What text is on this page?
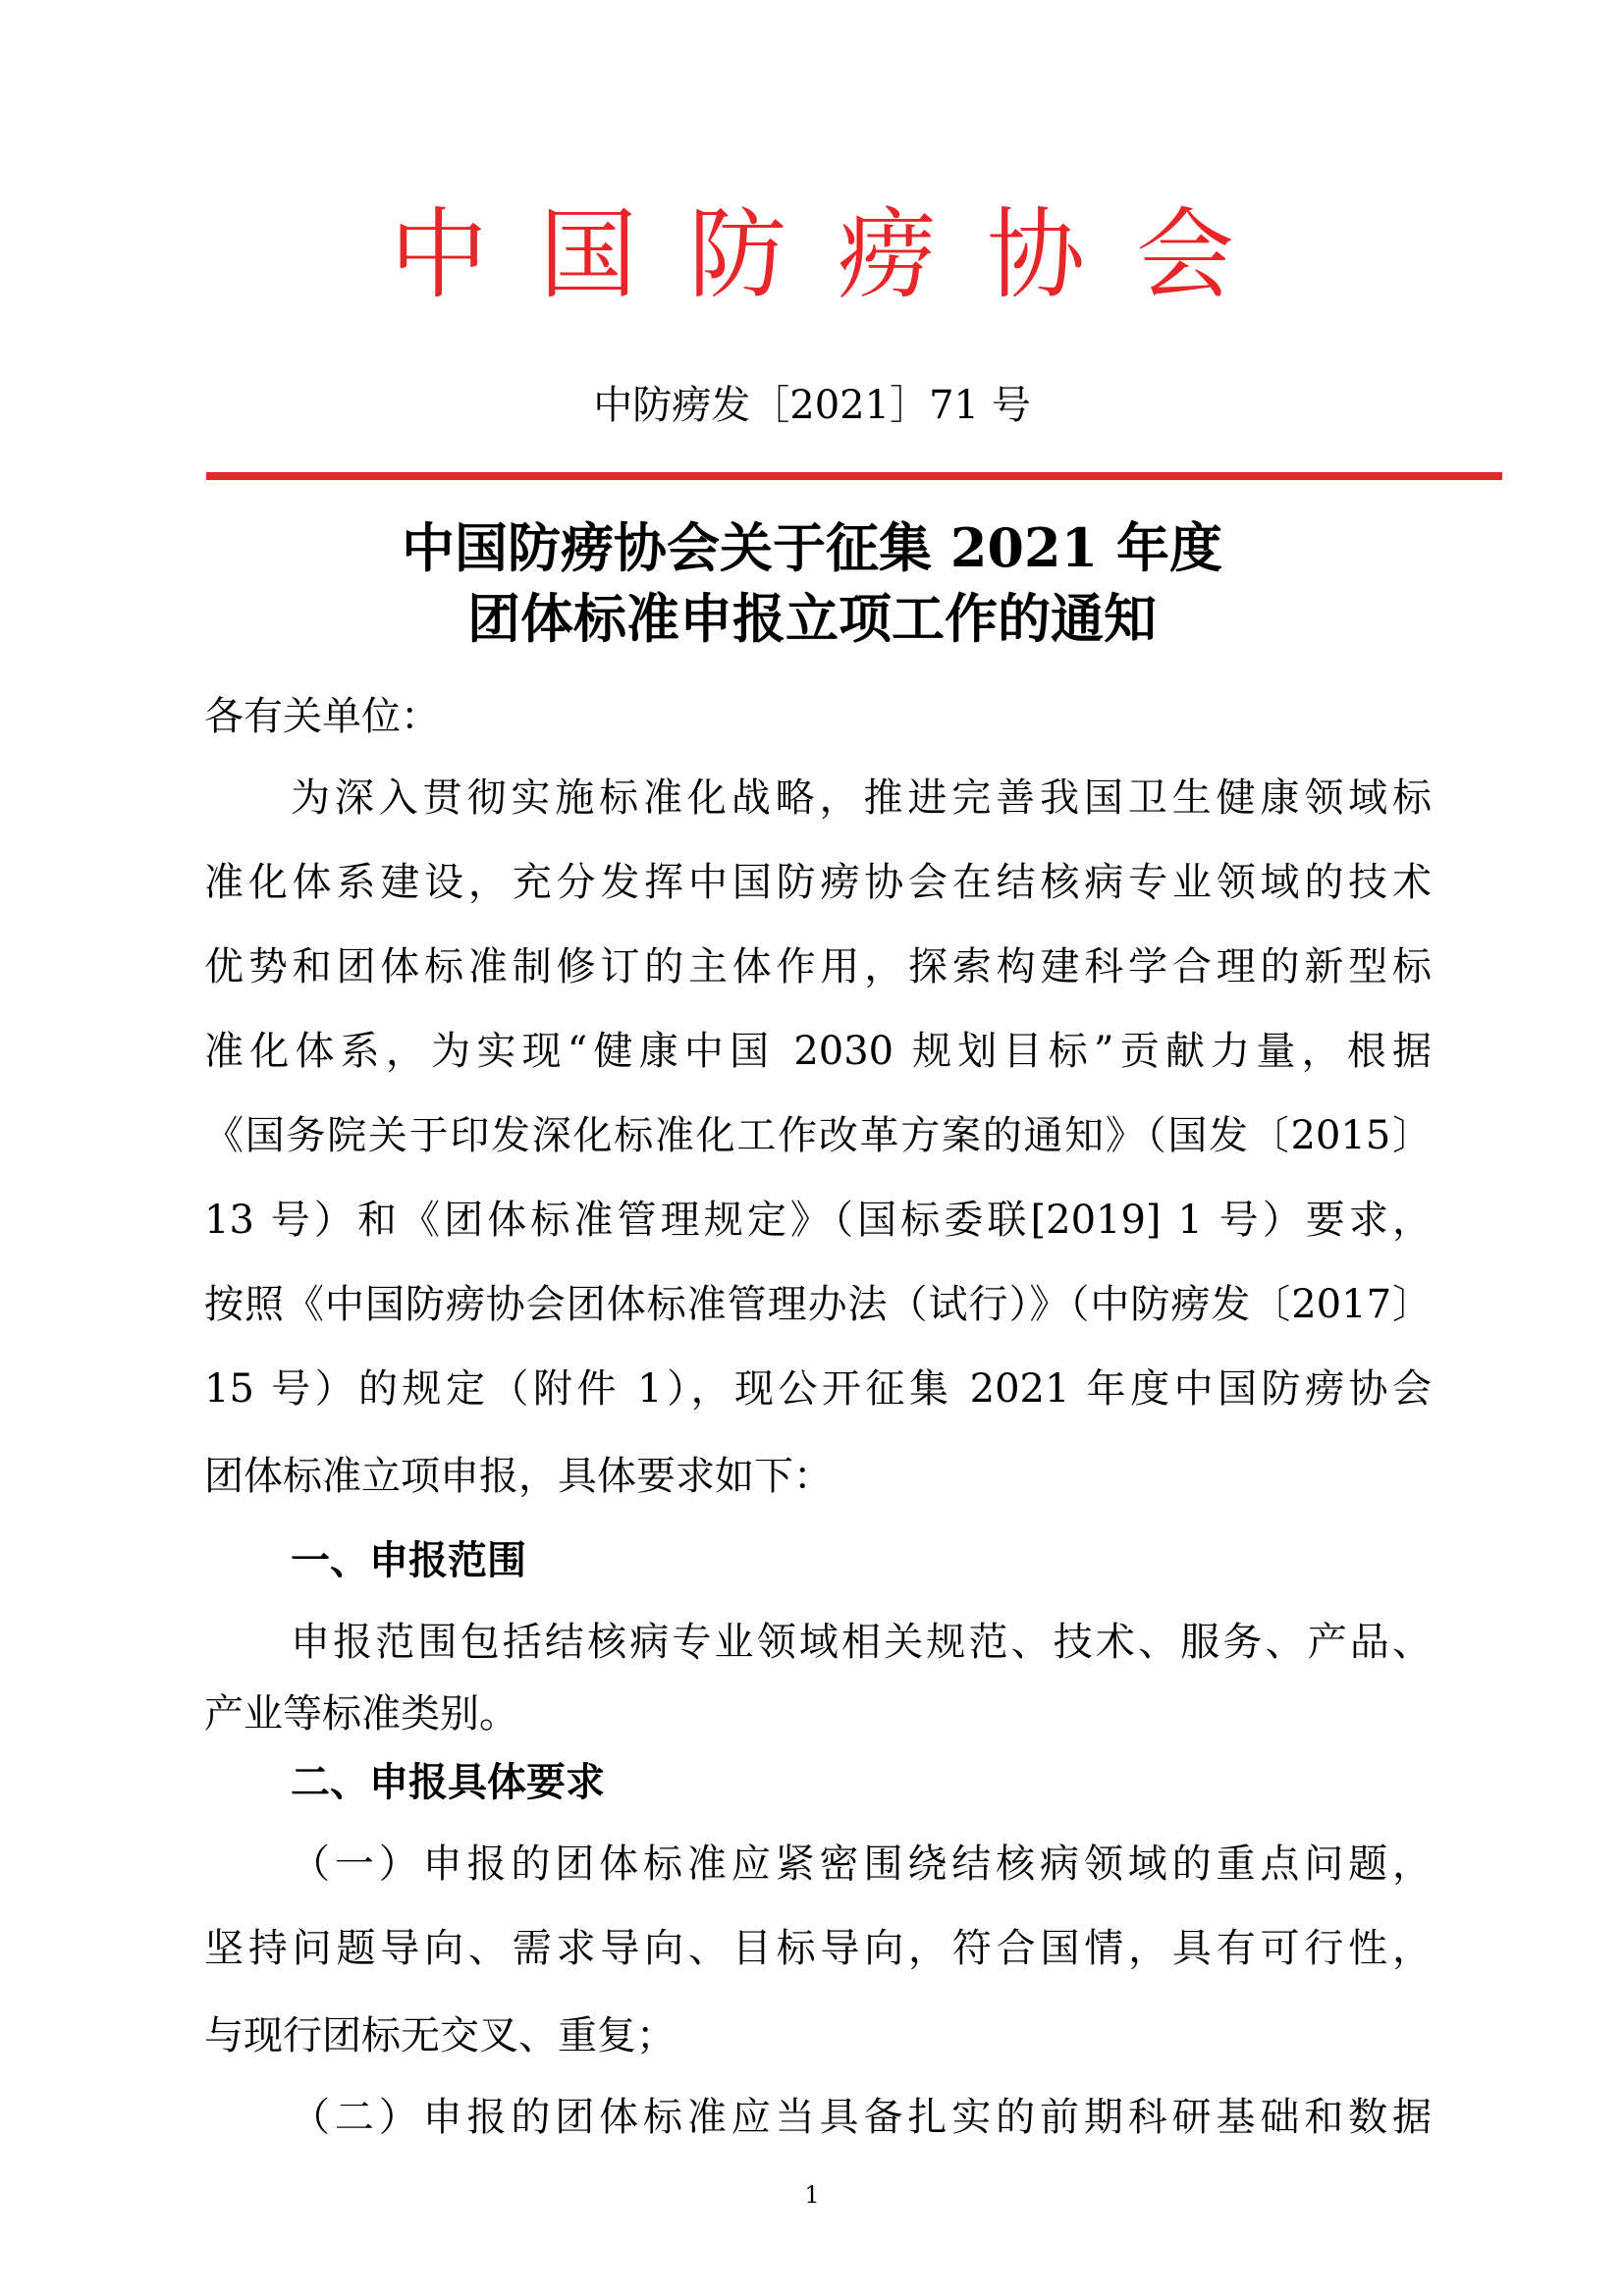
中国防痨协会
中防痨发［2021］71 号
中国防痨协会关于征集 2021 年度
团体标准申报立项工作的通知
各有关单位：
为深入贯彻实施标准化战略，推进完善我国卫生健康领域标
准化体系建设，充分发挥中国防痨协会在结核病专业领域的技术
优势和团体标准制修订的主体作用，探索构建科学合理的新型标
准化体系，为实现“健康中国 2030 规划目标”贡献力量，根据
《国务院关于印发深化标准化工作改革方案的通知》（国发〔2015〕
13 号）和《团体标准管理规定》（国标委联[2019] 1 号）要求，
按照《中国防痨协会团体标准管理办法（试行）》（中防痨发〔2017〕
15 号）的规定（附件 1），现公开征集 2021 年度中国防痨协会
团体标准立项申报，具体要求如下：
一、申报范围
申报范围包括结核病专业领域相关规范、技术、服务、产品、
产业等标准类别。
二、申报具体要求
（一）申报的团体标准应紧密围绕结核病领域的重点问题，
坚持问题导向、需求导向、目标导向，符合国情，具有可行性，
与现行团标无交叉、重复；
（二）申报的团体标准应当具备扎实的前期科研基础和数据
1
